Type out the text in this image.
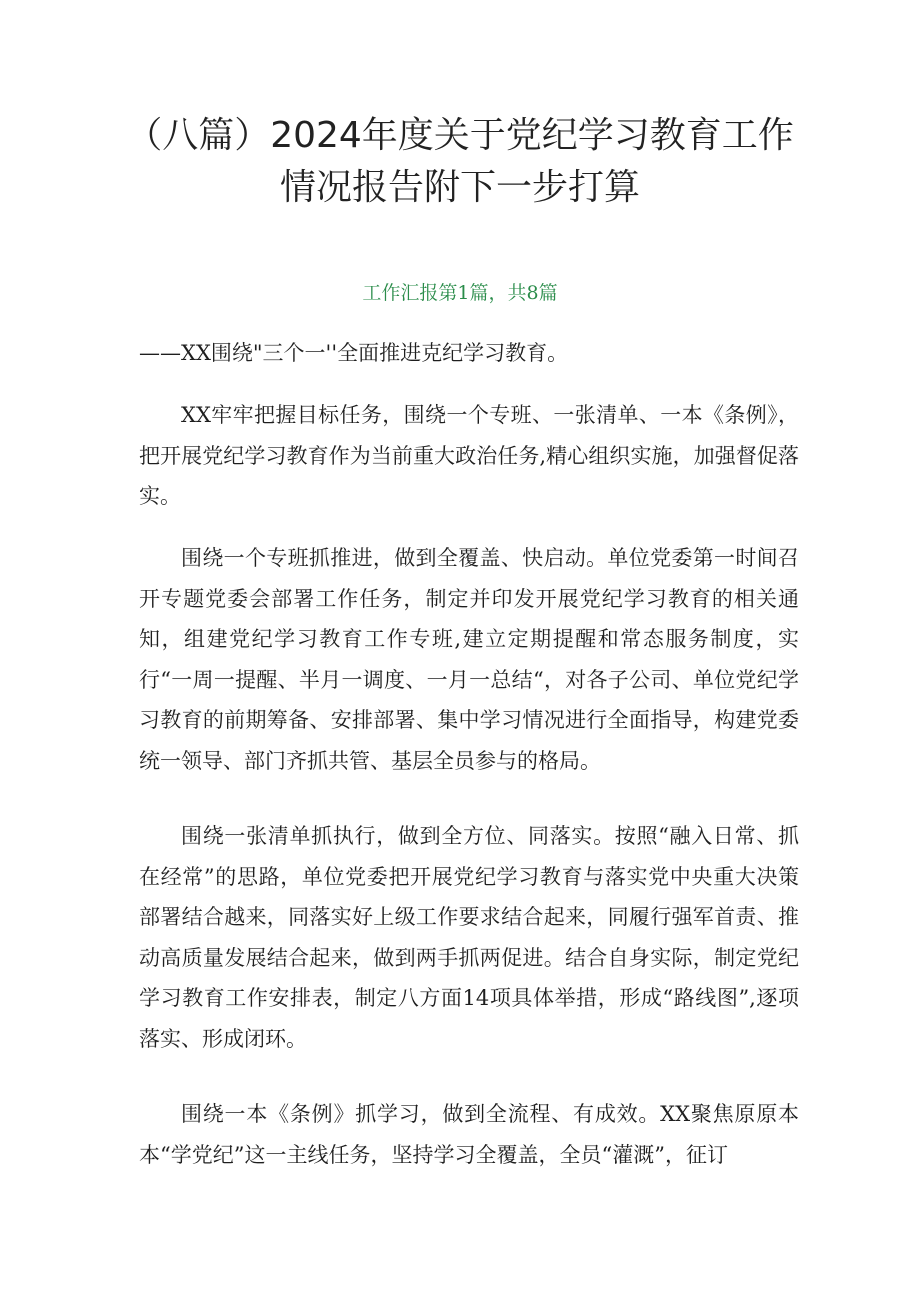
（八篇）2024年度关于党纪学习教育工作
情况报告附下一步打算
工作汇报第1篇，共8篇
——XX围绕"三个一''全面推进克纪学习教育。
XX牢牢把握目标任务，围绕一个专班、一张清单、一本《条例》，把开展党纪学习教育作为当前重大政治任务,精心组织实施，加强督促落实。
围绕一个专班抓推进，做到全覆盖、快启动。单位党委第一时间召开专题党委会部署工作任务，制定并印发开展党纪学习教育的相关通知，组建党纪学习教育工作专班,建立定期提醒和常态服务制度，实行“一周一提醒、半月一调度、一月一总结“，对各子公司、单位党纪学习教育的前期筹备、安排部署、集中学习情况进行全面指导，构建党委统一领导、部门齐抓共管、基层全员参与的格局。
围绕一张清单抓执行，做到全方位、同落实。按照“融入日常、抓在经常”的思路，单位党委把开展党纪学习教育与落实党中央重大决策部署结合越来，同落实好上级工作要求结合起来，同履行强军首责、推动高质量发展结合起来，做到两手抓两促进。结合自身实际，制定党纪学习教育工作安排表，制定八方面14项具体举措，形成“路线图”,逐项落实、形成闭环。
围绕一本《条例》抓学习，做到全流程、有成效。XX聚焦原原本本“学党纪”这一主线任务，坚持学习全覆盖，全员“灌溉”，征订
